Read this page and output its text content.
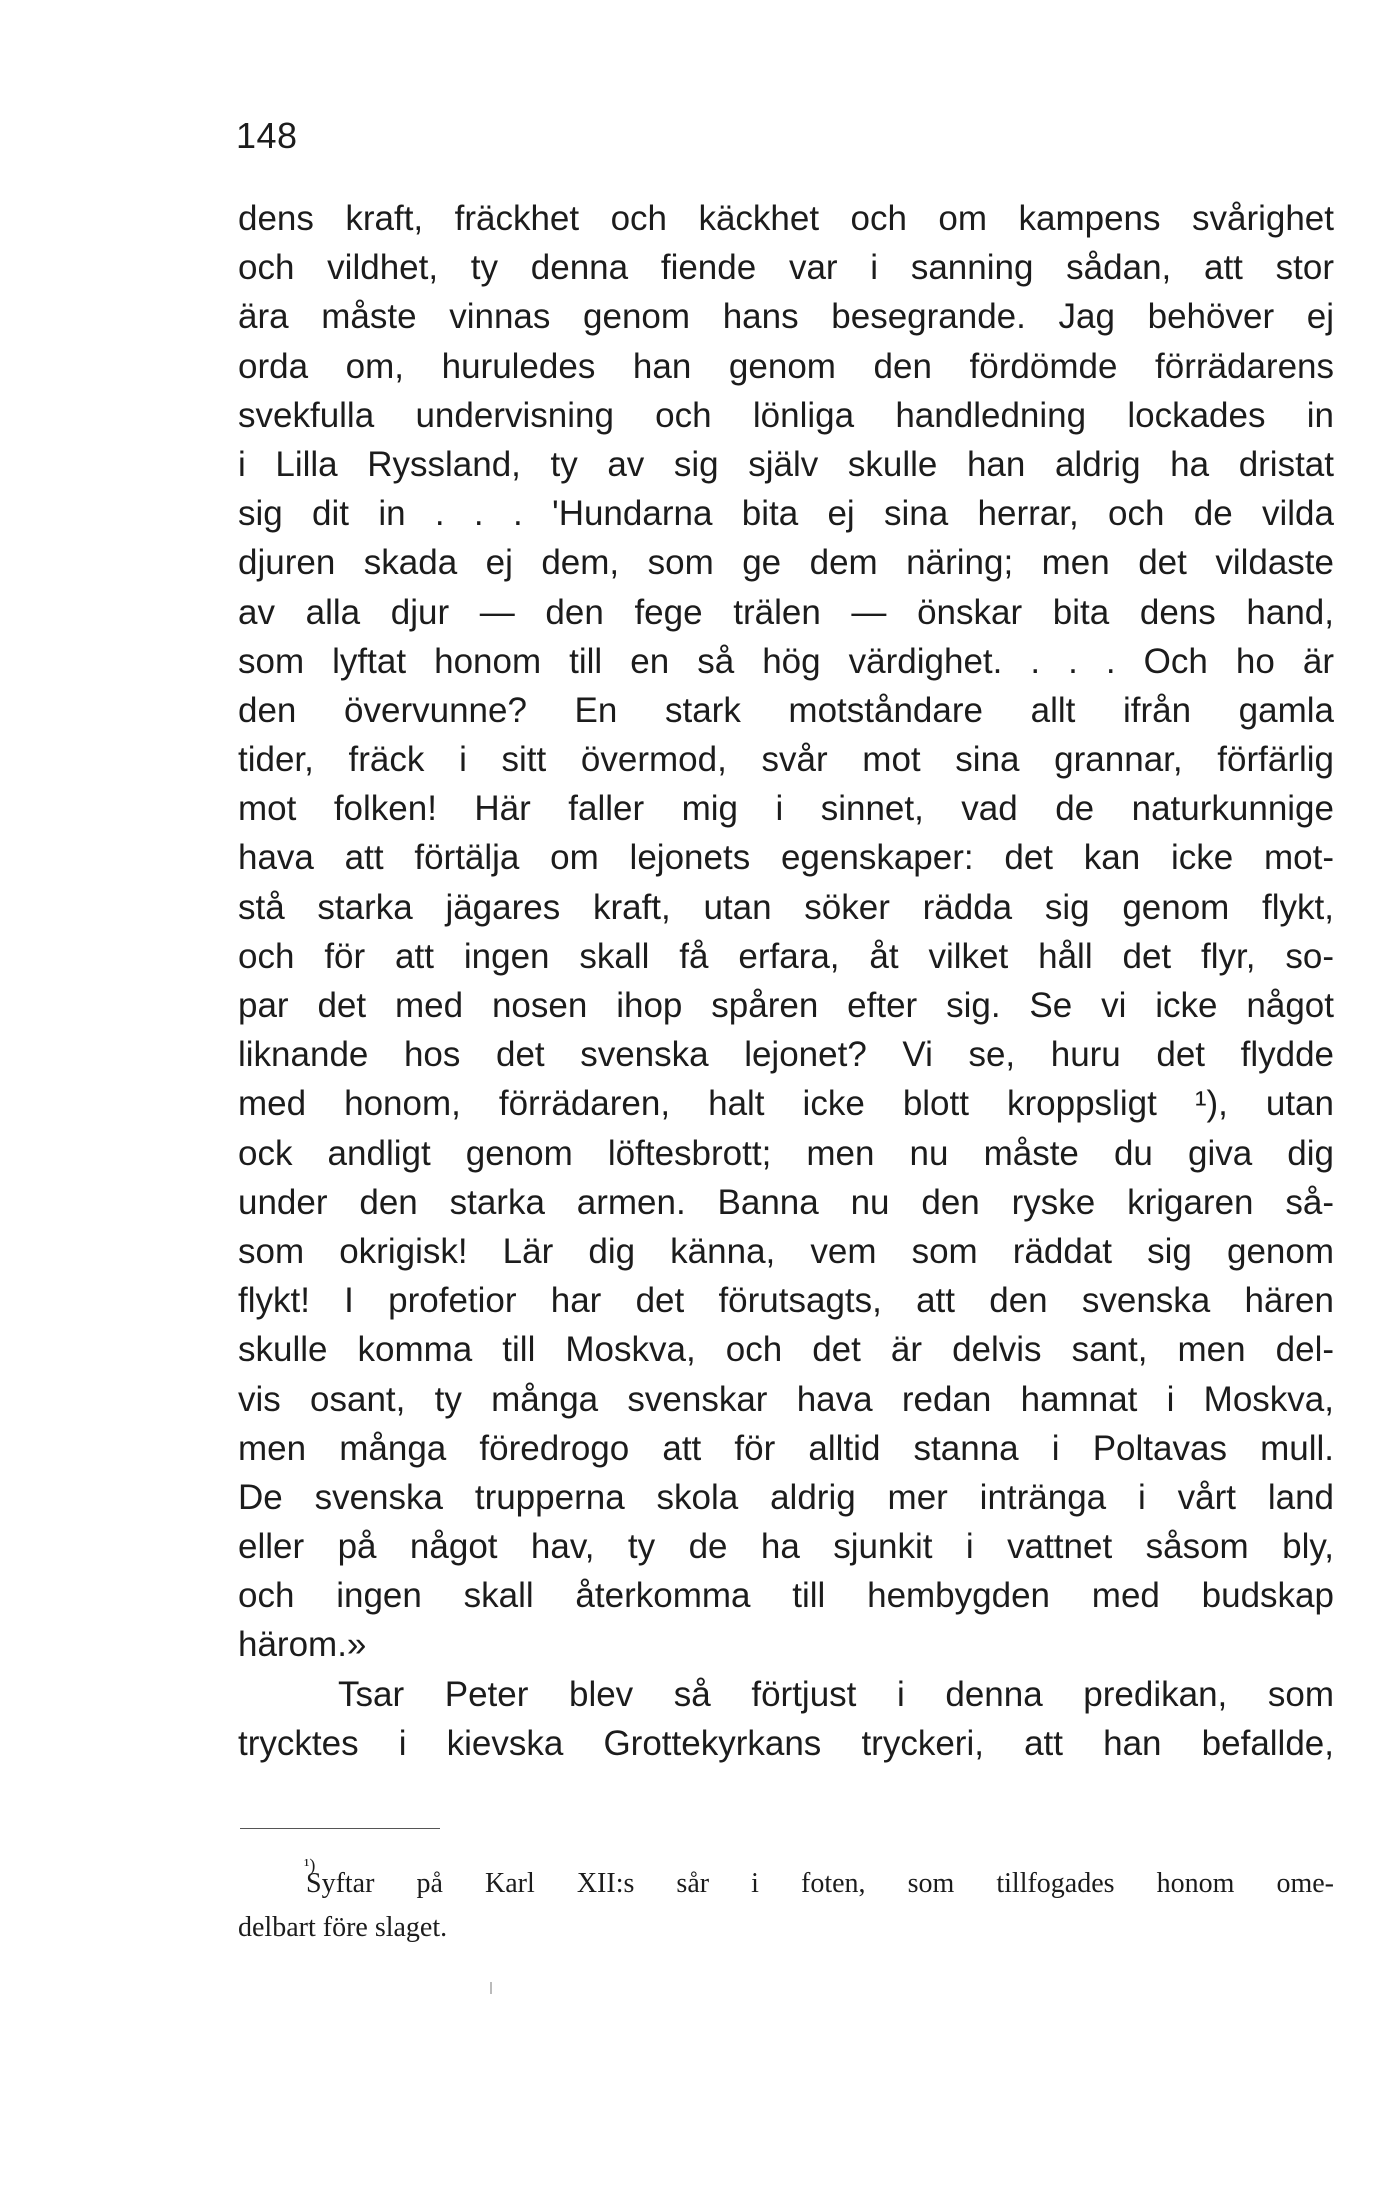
148
dens kraft, fräckhet och käckhet och om kampens svårighet
och vildhet, ty denna fiende var i sanning sådan, att stor
ära måste vinnas genom hans besegrande. Jag behöver ej
orda om, huruledes han genom den fördömde förrädarens
svekfulla undervisning och lönliga handledning lockades in
i Lilla Ryssland, ty av sig själv skulle han aldrig ha dristat
sig dit in . . . 'Hundarna bita ej sina herrar, och de vilda
djuren skada ej dem, som ge dem näring; men det vildaste
av alla djur — den fege trälen — önskar bita dens hand,
som lyftat honom till en så hög värdighet. . . . Och ho är
den övervunne? En stark motståndare allt ifrån gamla
tider, fräck i sitt övermod, svår mot sina grannar, förfärlig
mot folken! Här faller mig i sinnet, vad de naturkunnige
hava att förtälja om lejonets egenskaper: det kan icke mot-
stå starka jägares kraft, utan söker rädda sig genom flykt,
och för att ingen skall få erfara, åt vilket håll det flyr, so-
par det med nosen ihop spåren efter sig. Se vi icke något
liknande hos det svenska lejonet? Vi se, huru det flydde
med honom, förrädaren, halt icke blott kroppsligt ¹), utan
ock andligt genom löftesbrott; men nu måste du giva dig
under den starka armen. Banna nu den ryske krigaren så-
som okrigisk! Lär dig känna, vem som räddat sig genom
flykt! I profetior har det förutsagts, att den svenska hären
skulle komma till Moskva, och det är delvis sant, men del-
vis osant, ty många svenskar hava redan hamnat i Moskva,
men många föredrogo att för alltid stanna i Poltavas mull.
De svenska trupperna skola aldrig mer intränga i vårt land
eller på något hav, ty de ha sjunkit i vattnet såsom bly,
och ingen skall återkomma till hembygden med budskap
härom.»
Tsar Peter blev så förtjust i denna predikan, som
trycktes i kievska Grottekyrkans tryckeri, att han befallde,
¹)
Syftar på Karl XII:s sår i foten, som tillfogades honom ome-
delbart före slaget.
